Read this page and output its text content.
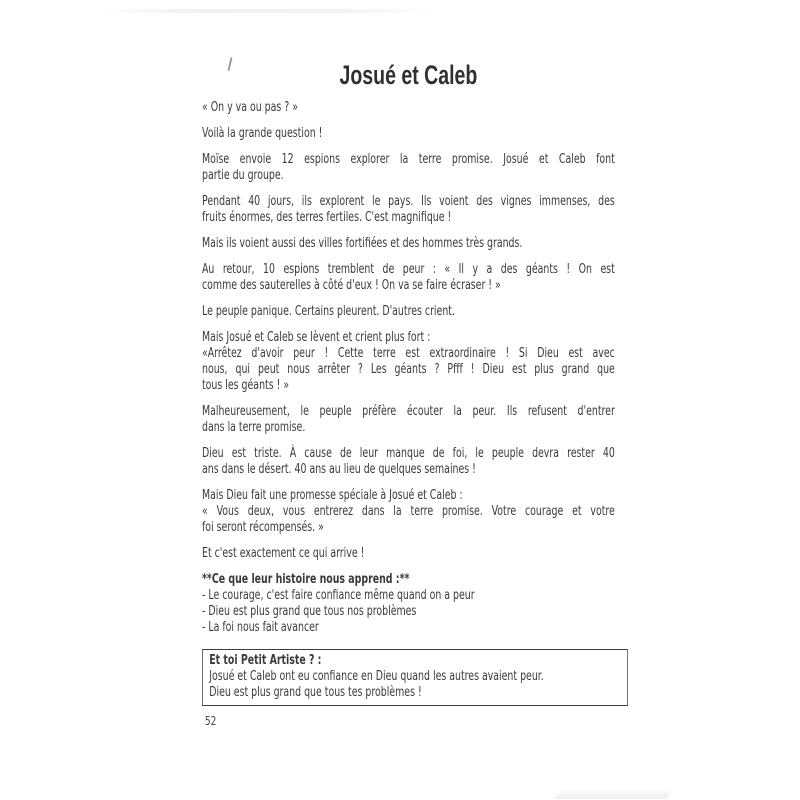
Josué et Caleb
« On y va ou pas ? »
Voilà la grande question !
Moïse envoie 12 espions explorer la terre promise. Josué et Caleb font
partie du groupe.
Pendant 40 jours, ils explorent le pays. Ils voient des vignes immenses, des
fruits énormes, des terres fertiles. C'est magnifique !
Mais ils voient aussi des villes fortifiées et des hommes très grands.
Au retour, 10 espions tremblent de peur : « Il y a des géants ! On est
comme des sauterelles à côté d'eux ! On va se faire écraser ! »
Le peuple panique. Certains pleurent. D'autres crient.
Mais Josué et Caleb se lèvent et crient plus fort :
«Arrêtez d'avoir peur ! Cette terre est extraordinaire ! Si Dieu est avec
nous, qui peut nous arrêter ? Les géants ? Pfff ! Dieu est plus grand que
tous les géants ! »
Malheureusement, le peuple préfère écouter la peur. Ils refusent d'entrer
dans la terre promise.
Dieu est triste. À cause de leur manque de foi, le peuple devra rester 40
ans dans le désert. 40 ans au lieu de quelques semaines !
Mais Dieu fait une promesse spéciale à Josué et Caleb :
« Vous deux, vous entrerez dans la terre promise. Votre courage et votre
foi seront récompensés. »
Et c'est exactement ce qui arrive !
**Ce que leur histoire nous apprend :**
- Le courage, c'est faire confiance même quand on a peur
- Dieu est plus grand que tous nos problèmes
- La foi nous fait avancer
Et toi Petit Artiste ? :
Josué et Caleb ont eu confiance en Dieu quand les autres avaient peur.
Dieu est plus grand que tous tes problèmes !
52
